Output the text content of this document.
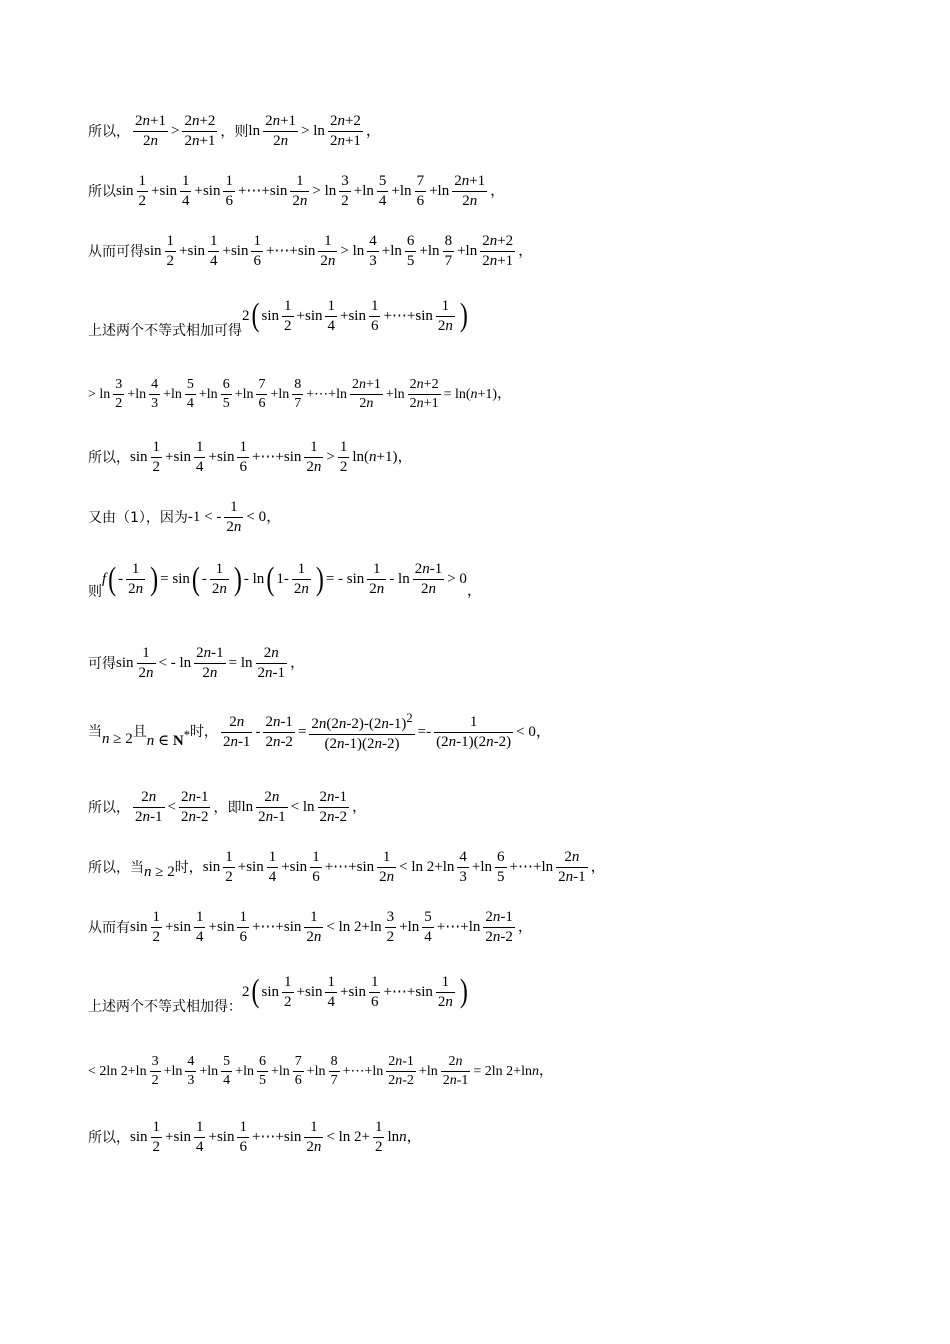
所以， $\frac{2n+1}{2n} > \frac{2n+2}{2n+1}$ ，则 $\ln \frac{2n+1}{2n} > \ln \frac{2n+2}{2n+1}$ ，
所以 $\sin \frac{1}{2} +\sin \frac{1}{4} +\sin \frac{1}{6}$ +⋯+sin $\frac{1}{2n} > \ln \frac{3}{2} +\ln \frac{5}{4} +\ln \frac{7}{6} +\ln \frac{2n+1}{2n}$ ，
从而可得 $\sin \frac{1}{2} +\sin \frac{1}{4} +\sin \frac{1}{6}$ +⋯+sin $\frac{1}{2n} > \ln \frac{4}{3} +\ln \frac{6}{5} +\ln \frac{8}{7} +\ln \frac{2n+2}{2n+1}$ ，
上述两个不等式相加可得
2 ( $\sin \frac{1}{2} +\sin \frac{1}{4} +\sin \frac{1}{6}$ +⋯+sin $\frac{1}{2n}$ )
> $\ln \frac{3}{2} +\ln \frac{4}{3} +\ln \frac{5}{4} +\ln \frac{6}{5} +\ln \frac{7}{6} +\ln \frac{8}{7}$ +⋯+ln $\frac{2n+1}{2n} +\ln \frac{2n+2}{2n+1} = \ln$( n +1)，
所以， $\sin \frac{1}{2} +\sin \frac{1}{4} +\sin \frac{1}{6}$ +⋯+sin $\frac{1}{2n} > \frac{1}{2} \ln$( n +1)，
又由（1），因为 -1 < - $\frac{1}{2n} < 0$，
则
f ( - $\frac{1}{2n}$ ) = sin ( - $\frac{1}{2n}$ ) - ln ( $1- \frac{1}{2n}$ ) = - $\sin \frac{1}{2n} - \ln \frac{2n-1}{2n} > 0$
，
可得 $\sin \frac{1}{2n}$ < - $\ln \frac{2n-1}{2n} = \ln \frac{2n}{2n-1}$ ，
当 n ≥ 2 且
n ∈ N* 时， $\frac{2n}{2n-1} - \frac{2n-1}{2n-2} = \frac{2n(2n-2)-(2n-1)^2}{(2n-1)(2n-2)} =- \frac{1}{(2n-1)(2n-2)} < 0$，
所以， $\frac{2n}{2n-1} < \frac{2n-1}{2n-2}$ ，即 $\ln \frac{2n}{2n-1} < \ln \frac{2n-1}{2n-2}$ ，
所以，当 n ≥ 2 时， $\sin \frac{1}{2} +\sin \frac{1}{4} +\sin \frac{1}{6}$ +⋯+sin $\frac{1}{2n} < \ln 2+\ln \frac{4}{3} +\ln \frac{6}{5}$ +⋯+ln $\frac{2n}{2n-1}$ ，
从而有 $\sin \frac{1}{2} +\sin \frac{1}{4} +\sin \frac{1}{6}$ +⋯+sin $\frac{1}{2n} < \ln 2+\ln \frac{3}{2} +\ln \frac{5}{4}$ +⋯+ln $\frac{2n-1}{2n-2}$ ，
上述两个不等式相加得：
2 ( $\sin \frac{1}{2} +\sin \frac{1}{4} +\sin \frac{1}{6}$ +⋯+sin $\frac{1}{2n}$ )
< 2ln $2+\ln \frac{3}{2} +\ln \frac{4}{3} +\ln \frac{5}{4} +\ln \frac{6}{5} +\ln \frac{7}{6} +\ln \frac{8}{7}$ +⋯+ln $\frac{2n-1}{2n-2} +\ln \frac{2n}{2n-1} = 2\ln$ 2+ln n ，
所以， $\sin \frac{1}{2} +\sin \frac{1}{4} +\sin \frac{1}{6}$ +⋯+sin $\frac{1}{2n} < \ln 2+ \frac{1}{2}$ ln n ，
